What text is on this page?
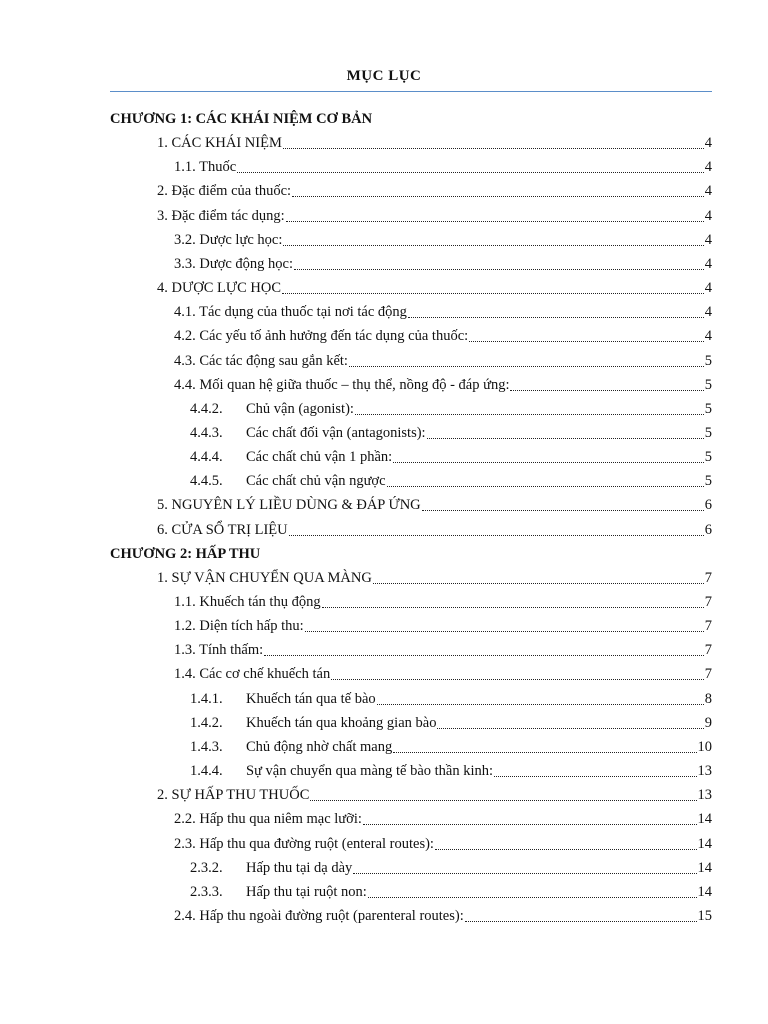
MỤC LỤC
CHƯƠNG 1: CÁC KHÁI NIỆM CƠ BẢN
1. CÁC KHÁI NIỆM	4
1.1. Thuốc	4
2. Đặc điểm của thuốc:	4
3. Đặc điểm tác dụng:	4
3.2. Dược lực học:	4
3.3. Dược động học:	4
4. DƯỢC LỰC HỌC	4
4.1. Tác dụng của thuốc tại nơi tác động	4
4.2. Các yếu tố ảnh hưởng đến tác dụng của thuốc:	4
4.3. Các tác động sau gắn kết:	5
4.4. Mối quan hệ giữa thuốc – thụ thể, nồng độ - đáp ứng:	5
4.4.2.	Chủ vận (agonist):	5
4.4.3.	Các chất đối vận (antagonists):	5
4.4.4.	Các chất chủ vận 1 phần:	5
4.4.5.	Các chất chủ vận ngược	5
5. NGUYÊN LÝ LIỀU DÙNG & ĐÁP ỨNG	6
6. CỬA SỔ TRỊ LIỆU	6
CHƯƠNG 2: HẤP THU
1. SỰ VẬN CHUYỂN QUA MÀNG	7
1.1. Khuếch tán thụ động	7
1.2. Diện tích hấp thu:	7
1.3. Tính thấm:	7
1.4. Các cơ chế khuếch tán	7
1.4.1.	Khuếch tán qua tế bào	8
1.4.2.	Khuếch tán qua khoảng gian bào	9
1.4.3.	Chủ động nhờ chất mang	10
1.4.4.	Sự vận chuyển qua màng tế bào thần kinh:	13
2. SỰ HẤP THU THUỐC	13
2.2. Hấp thu qua niêm mạc lưỡi:	14
2.3. Hấp thu qua đường ruột (enteral routes):	14
2.3.2.	Hấp thu tại dạ dày	14
2.3.3.	Hấp thu tại ruột non:	14
2.4. Hấp thu ngoài đường ruột (parenteral routes):	15
